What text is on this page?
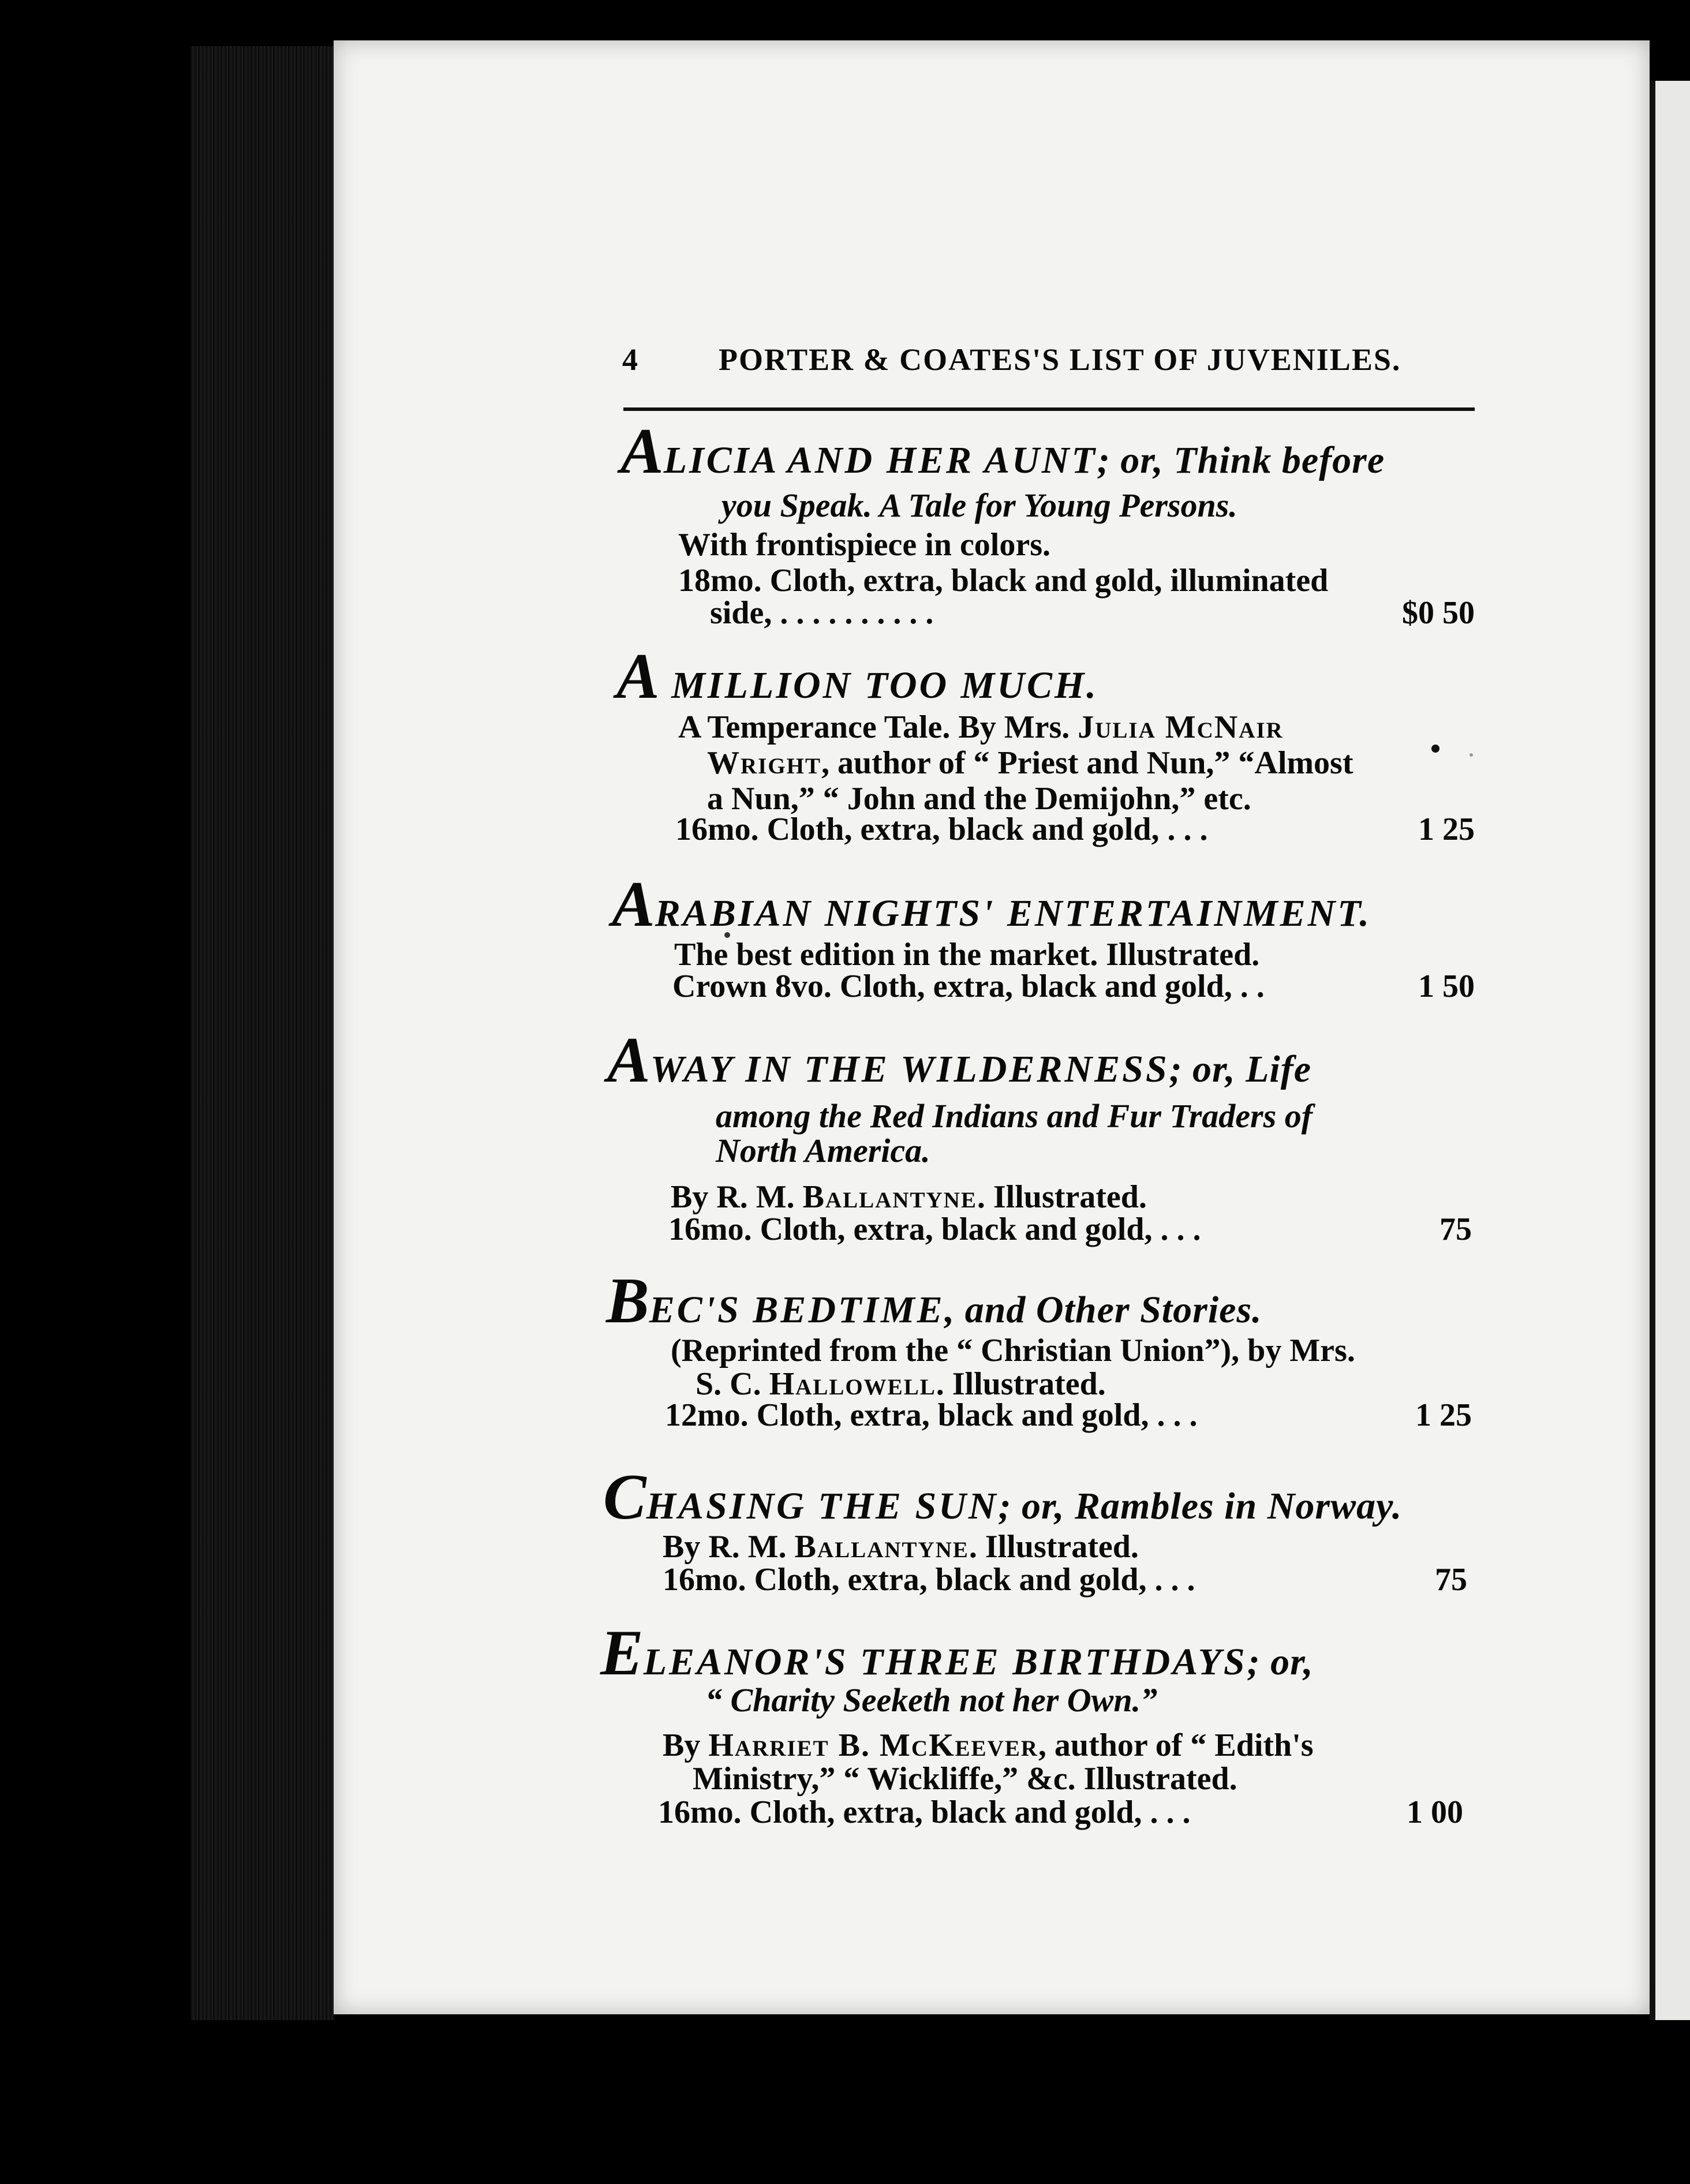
4	PORTER & COATES'S LIST OF JUVENILES.
ALICIA AND HER AUNT; or, Think before
you Speak. A Tale for Young Persons.
With frontispiece in colors.
18mo. Cloth, extra, black and gold, illuminated
side, . . . . . . . . . .	$0 50
A MILLION TOO MUCH.
A Temperance Tale. By Mrs. Julia McNair
Wright, author of “ Priest and Nun,” “Almost
a Nun,” “ John and the Demijohn,” etc.
16mo. Cloth, extra, black and gold, . . .	1 25
ARABIAN NIGHTS' ENTERTAINMENT.
The best edition in the market. Illustrated.
Crown 8vo. Cloth, extra, black and gold, . .	1 50
AWAY IN THE WILDERNESS; or, Life
among the Red Indians and Fur Traders of
North America.
By R. M. Ballantyne. Illustrated.
16mo. Cloth, extra, black and gold, . . .	75
BEC'S BEDTIME, and Other Stories.
(Reprinted from the “ Christian Union”), by Mrs.
S. C. Hallowell. Illustrated.
12mo. Cloth, extra, black and gold, . . .	1 25
CHASING THE SUN; or, Rambles in Norway.
By R. M. Ballantyne. Illustrated.
16mo. Cloth, extra, black and gold, . . .	75
ELEANOR'S THREE BIRTHDAYS; or,
“ Charity Seeketh not her Own.”
By Harriet B. McKeever, author of “ Edith's
Ministry,” “ Wickliffe,” &c. Illustrated.
16mo. Cloth, extra, black and gold, . . .	1 00
